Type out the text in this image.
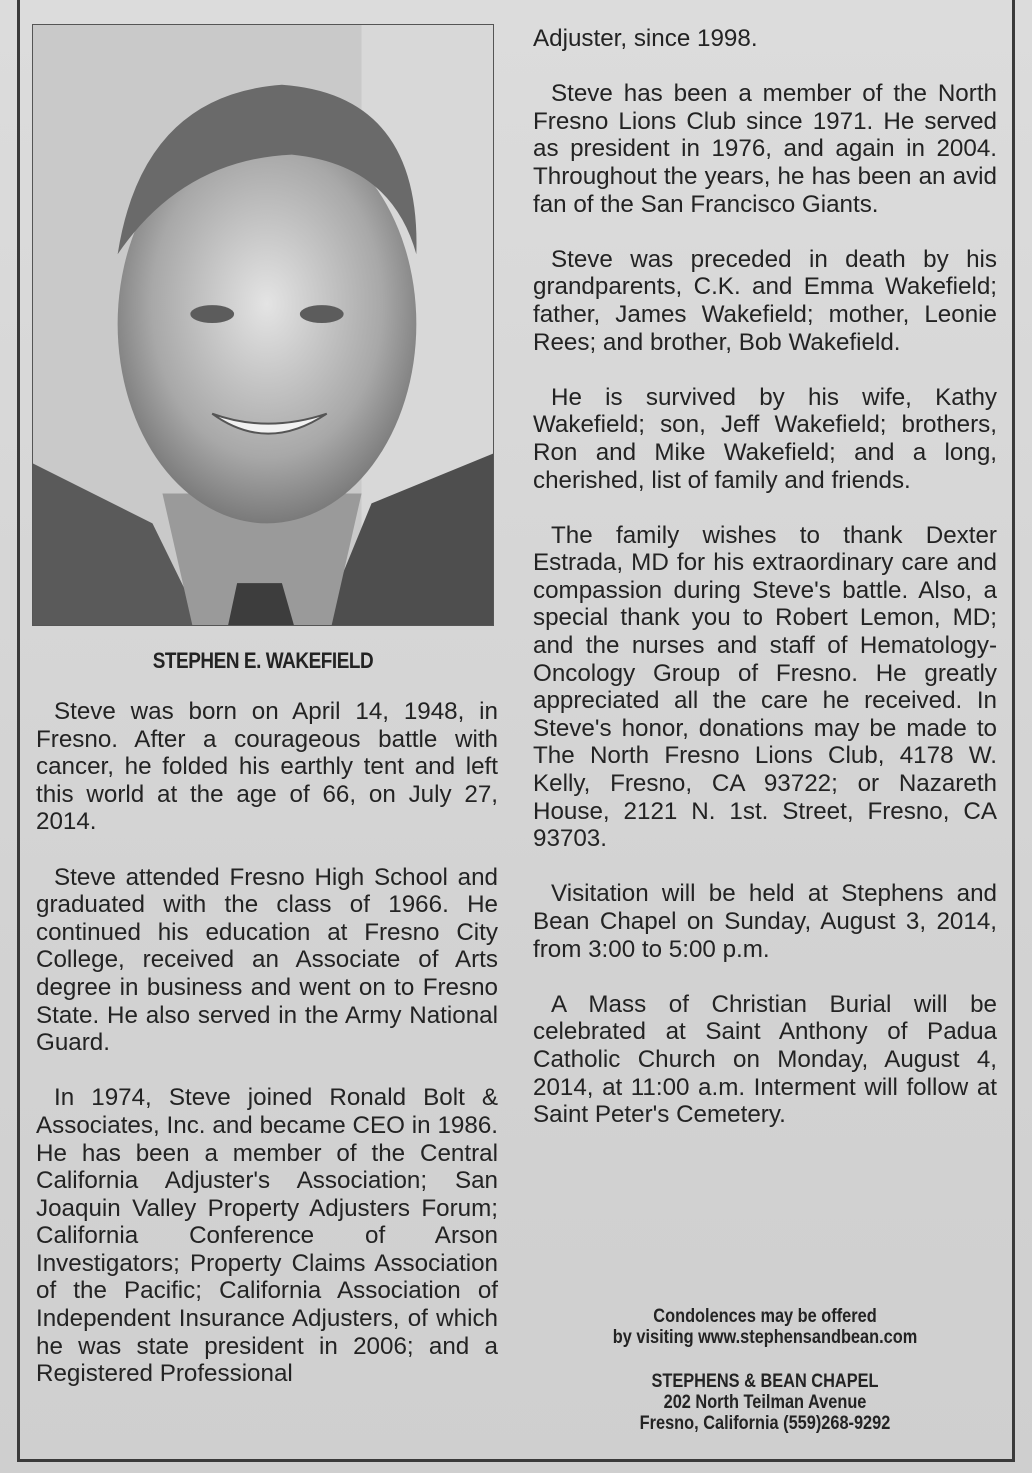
STEPHEN E. WAKEFIELD

Steve was born on April 14, 1948, in Fresno. After a courageous battle with cancer, he folded his earthly tent and left this world at the age of 66, on July 27, 2014.

Steve attended Fresno High School and graduated with the class of 1966. He continued his education at Fresno City College, received an Associate of Arts degree in business and went on to Fresno State. He also served in the Army National Guard.

In 1974, Steve joined Ronald Bolt & Associates, Inc. and became CEO in 1986. He has been a member of the Central California Adjuster's Association; San Joaquin Valley Property Adjusters Forum; California Conference of Arson Investigators; Property Claims Association of the Pacific; California Association of Independent Insurance Adjusters, of which he was state president in 2006; and a Registered Professional

Adjuster, since 1998.

Steve has been a member of the North Fresno Lions Club since 1971. He served as president in 1976, and again in 2004. Throughout the years, he has been an avid fan of the San Francisco Giants.

Steve was preceded in death by his grandparents, C.K. and Emma Wakefield; father, James Wakefield; mother, Leonie Rees; and brother, Bob Wakefield.

He is survived by his wife, Kathy Wakefield; son, Jeff Wakefield; brothers, Ron and Mike Wakefield; and a long, cherished, list of family and friends.

The family wishes to thank Dexter Estrada, MD for his extraordinary care and compassion during Steve's battle. Also, a special thank you to Robert Lemon, MD; and the nurses and staff of Hematology-Oncology Group of Fresno. He greatly appreciated all the care he received. In Steve's honor, donations may be made to The North Fresno Lions Club, 4178 W. Kelly, Fresno, CA 93722; or Nazareth House, 2121 N. 1st. Street, Fresno, CA 93703.

Visitation will be held at Stephens and Bean Chapel on Sunday, August 3, 2014, from 3:00 to 5:00 p.m.

A Mass of Christian Burial will be celebrated at Saint Anthony of Padua Catholic Church on Monday, August 4, 2014, at 11:00 a.m. Interment will follow at Saint Peter's Cemetery.

Condolences may be offered
by visiting www.stephensandbean.com
STEPHENS & BEAN CHAPEL
202 North Teilman Avenue
Fresno, California (559)268-9292
